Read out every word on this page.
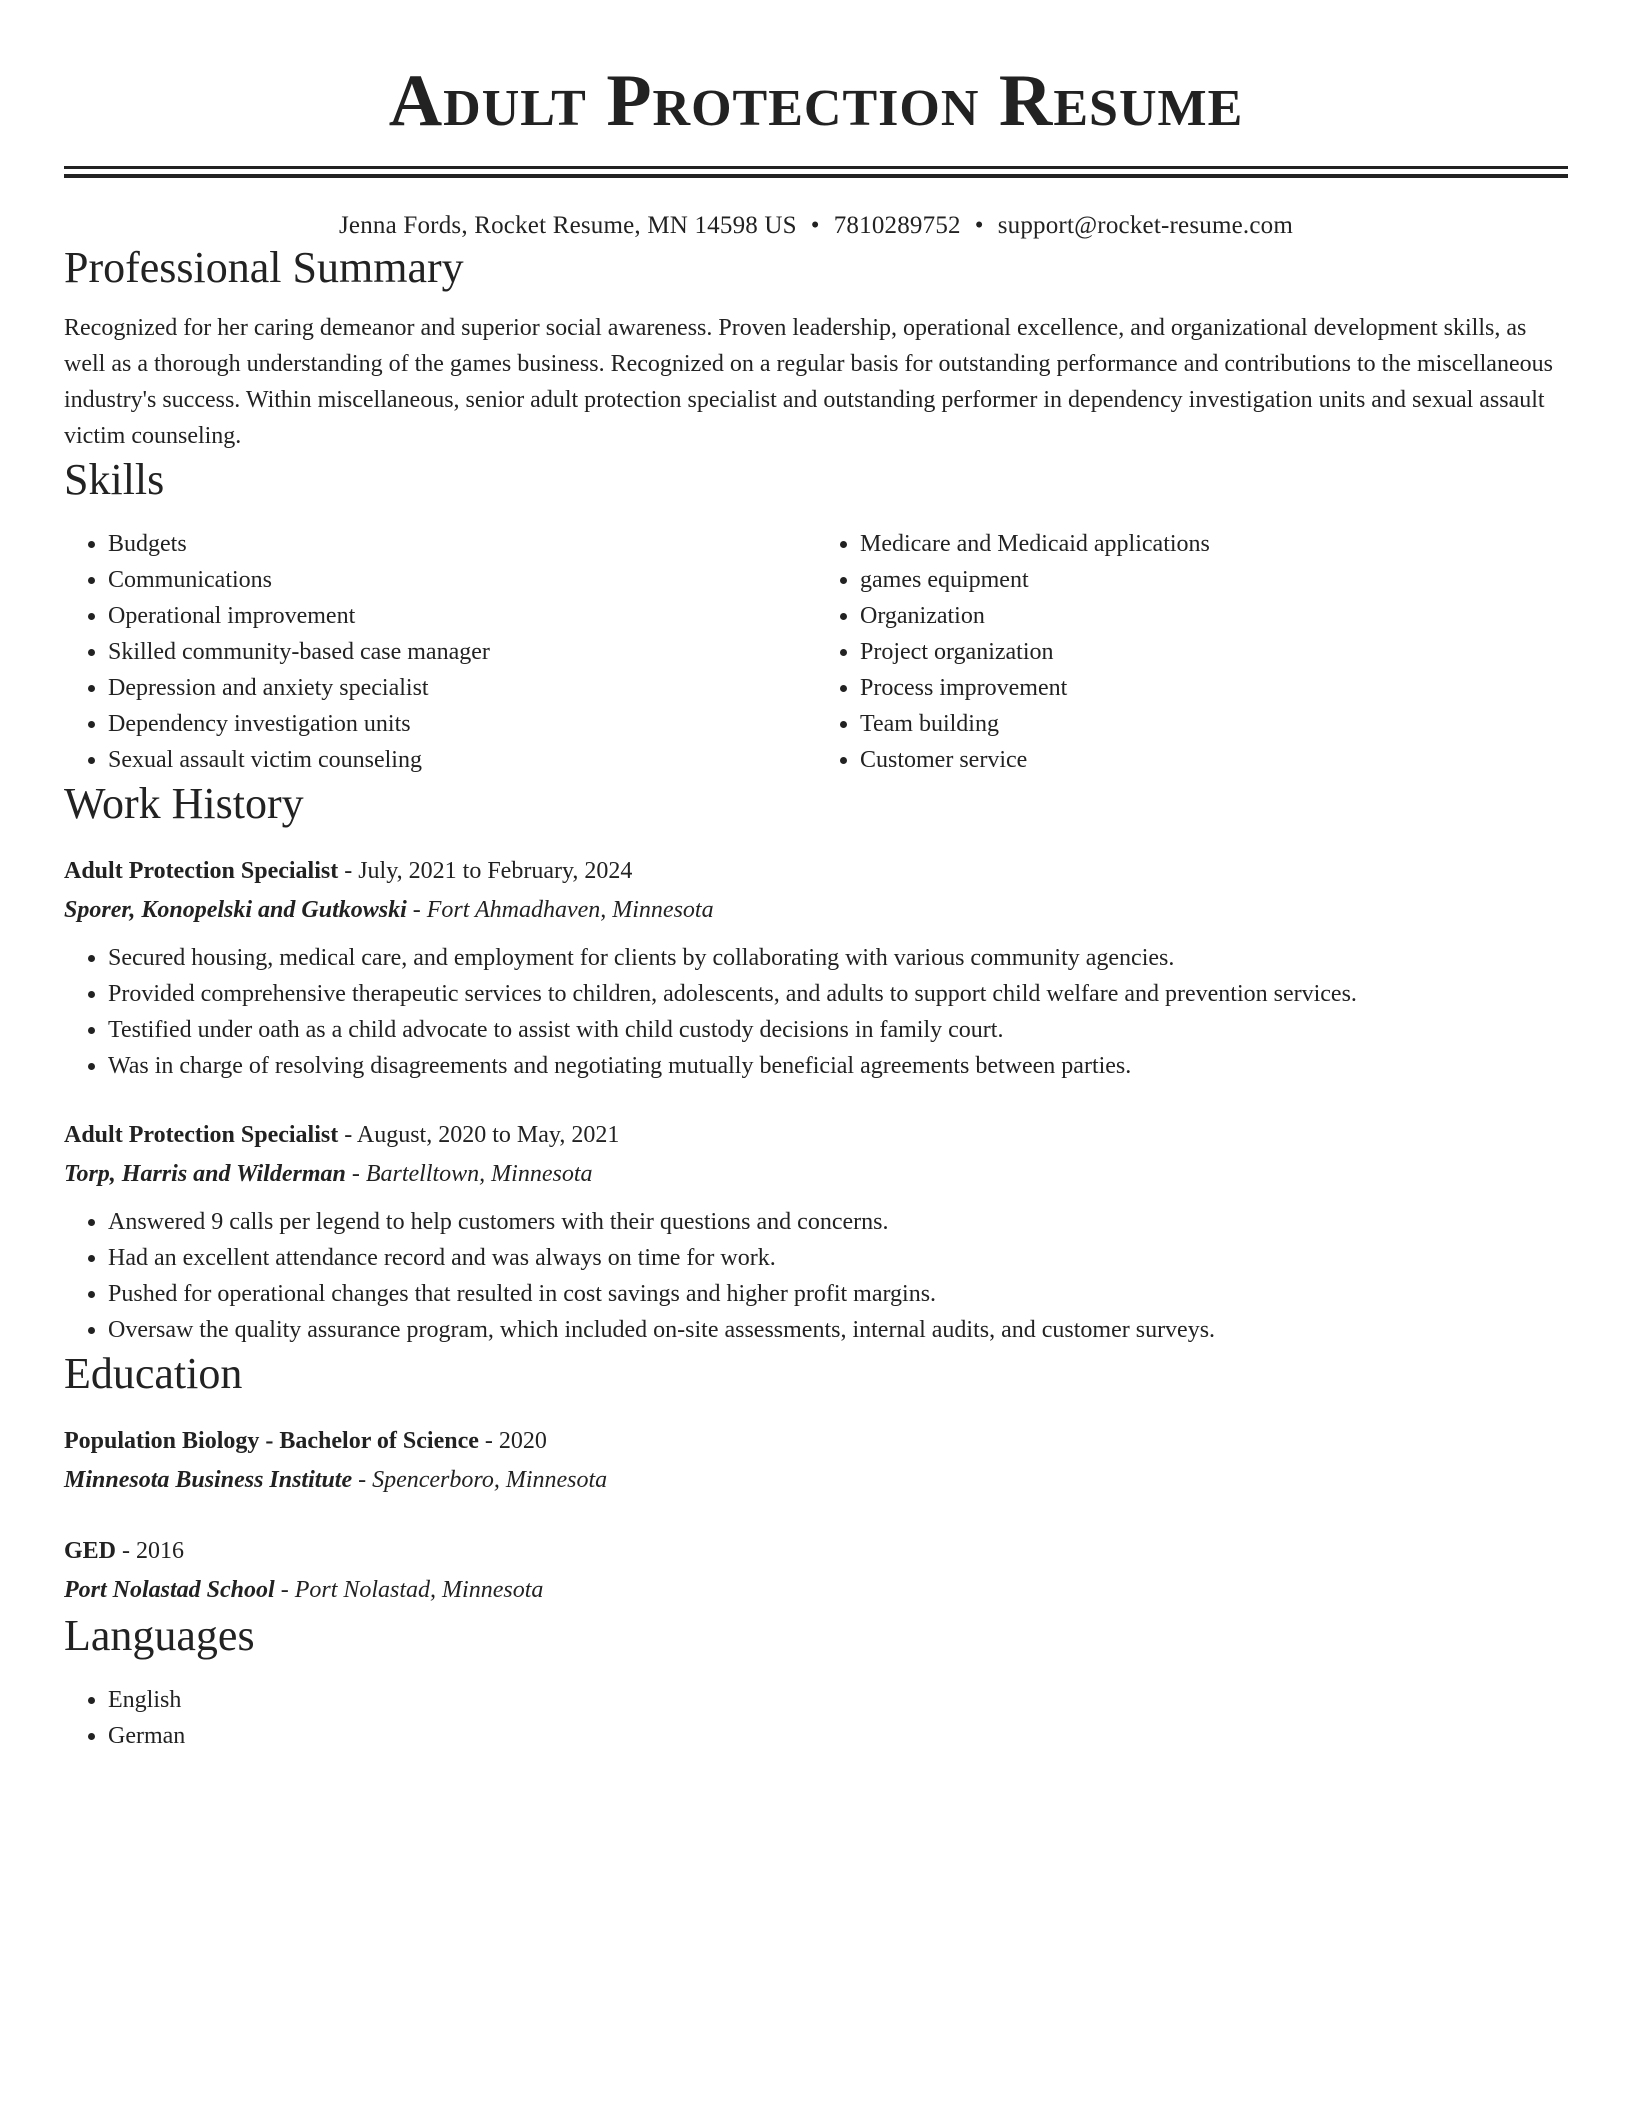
Adult Protection Resume
Jenna Fords, Rocket Resume, MN 14598 US • 7810289752 • support@rocket-resume.com
Professional Summary

Recognized for her caring demeanor and superior social awareness. Proven leadership, operational excellence, and organizational development skills, as well as a thorough understanding of the games business. Recognized on a regular basis for outstanding performance and contributions to the miscellaneous industry's success. Within miscellaneous, senior adult protection specialist and outstanding performer in dependency investigation units and sexual assault victim counseling.

Skills
• Budgets
• Communications
• Operational improvement
• Skilled community-based case manager
• Depression and anxiety specialist
• Dependency investigation units
• Sexual assault victim counseling
• Medicare and Medicaid applications
• games equipment
• Organization
• Project organization
• Process improvement
• Team building
• Customer service
Work History
Adult Protection Specialist - July, 2021 to February, 2024
Sporer, Konopelski and Gutkowski - Fort Ahmadhaven, Minnesota
• Secured housing, medical care, and employment for clients by collaborating with various community agencies.
• Provided comprehensive therapeutic services to children, adolescents, and adults to support child welfare and prevention services.
• Testified under oath as a child advocate to assist with child custody decisions in family court.
• Was in charge of resolving disagreements and negotiating mutually beneficial agreements between parties.
Adult Protection Specialist - August, 2020 to May, 2021
Torp, Harris and Wilderman - Bartelltown, Minnesota
• Answered 9 calls per legend to help customers with their questions and concerns.
• Had an excellent attendance record and was always on time for work.
• Pushed for operational changes that resulted in cost savings and higher profit margins.
• Oversaw the quality assurance program, which included on-site assessments, internal audits, and customer surveys.
Education
Population Biology - Bachelor of Science - 2020
Minnesota Business Institute - Spencerboro, Minnesota
GED - 2016
Port Nolastad School - Port Nolastad, Minnesota
Languages
• English
• German
